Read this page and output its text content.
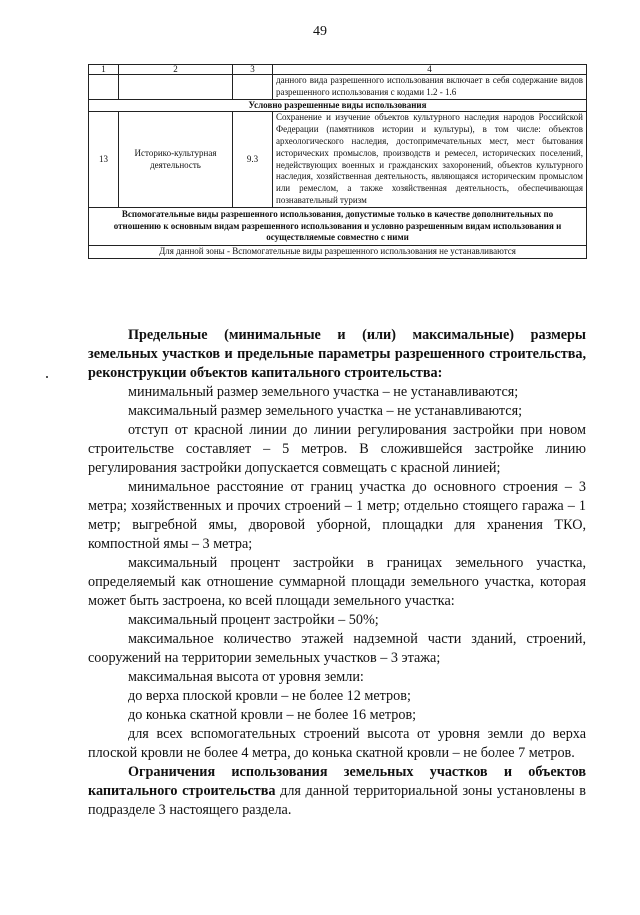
49
1	2	3	4
			данного вида разрешенного использования включает в себя содержание видов разрешенного использования с кодами 1.2 - 1.6
Условно разрешенные виды использования			
13	Историко-культурная деятельность	9.3	Сохранение и изучение объектов культурного наследия народов Российской Федерации (памятников истории и культуры), в том числе: объектов археологического наследия, достопримечательных мест, мест бытования исторических промыслов, производств и ремесел, исторических поселений, недействующих военных и гражданских захоронений, объектов культурного наследия, хозяйственная деятельность, являющаяся историческим промыслом или ремеслом, а также хозяйственная деятельность, обеспечивающая познавательный туризм
Вспомогательные виды разрешенного использования, допустимые только в качестве дополнительных по отношению к основным видам разрешенного использования и условно разрешенным видам использования и осуществляемые совместно с ними			
Для данной зоны - Вспомогательные виды разрешенного использования не устанавливаются			

Предельные (минимальные и (или) максимальные) размеры земельных участков и предельные параметры разрешенного строительства, реконструкции объектов капитального строительства:

минимальный размер земельного участка – не устанавливаются;

максимальный размер земельного участка – не устанавливаются;

отступ от красной линии до линии регулирования застройки при новом строительстве составляет – 5 метров. В сложившейся застройке линию регулирования застройки допускается совмещать с красной линией;

минимальное расстояние от границ участка до основного строения – 3 метра; хозяйственных и прочих строений – 1 метр; отдельно стоящего гаража – 1 метр; выгребной ямы, дворовой уборной, площадки для хранения ТКО, компостной ямы – 3 метра;

максимальный процент застройки в границах земельного участка, определяемый как отношение суммарной площади земельного участка, которая может быть застроена, ко всей площади земельного участка:

максимальный процент застройки – 50%;

максимальное количество этажей надземной части зданий, строений, сооружений на территории земельных участков – 3 этажа;

максимальная высота от уровня земли:

до верха плоской кровли – не более 12 метров;

до конька скатной кровли – не более 16 метров;

для всех вспомогательных строений высота от уровня земли до верха плоской кровли не более 4 метра, до конька скатной кровли – не более 7 метров.

Ограничения использования земельных участков и объектов капитального строительства для данной территориальной зоны установлены в подразделе 3 настоящего раздела.
